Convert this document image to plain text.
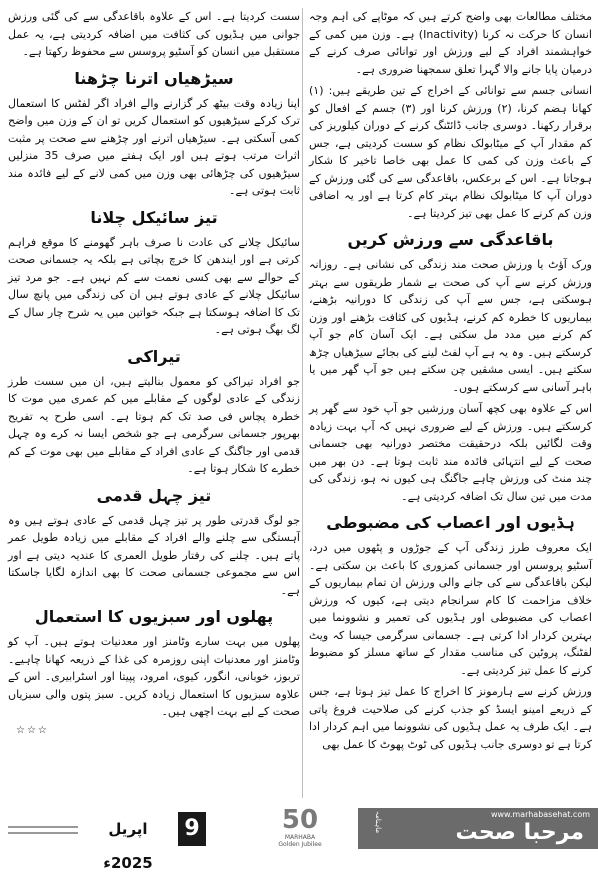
مختلف مطالعات بھی واضح کرتے ہیں کہ موٹاپے کی اہم وجہ انسان کا حرکت نہ کرنا (Inactivity) ہے۔ وزن میں کمی کے خواہشمند افراد کے لیے ورزش اور توانائی صرف کرنے کے درمیان پایا جانے والا گہرا تعلق سمجھنا ضروری ہے۔

انسانی جسم سے توانائی کے اخراج کے تین طریقے ہیں: (۱) کھانا ہضم کرنا، (۲) ورزش کرنا اور (۳) جسم کے افعال کو برقرار رکھنا۔ دوسری جانب ڈائٹنگ کرنے کے دوران کیلوریز کی کم مقدار آپ کے میٹابولک نظام کو سست کردیتی ہے، جس کے باعث وزن کی کمی کا عمل بھی خاصا تاخیر کا شکار ہوجاتا ہے۔ اس کے برعکس، باقاعدگی سے کی گئی ورزش کے دوران آپ کا میٹابولک نظام بہتر کام کرتا ہے اور یہ اضافی وزن کم کرنے کا عمل بھی تیز کردیتا ہے۔

باقاعدگی سے ورزش کریں

ورک آؤٹ یا ورزش صحت مند زندگی کی نشانی ہے۔ روزانہ ورزش کرنے سے آپ کی صحت بے شمار طریقوں سے بہتر ہوسکتی ہے، جس سے آپ کی زندگی کا دورانیہ بڑھنے، بیماریوں کا خطرہ کم کرنے، ہڈیوں کی کثافت بڑھنے اور وزن کم کرنے میں مدد مل سکتی ہے۔ ایک آسان کام جو آپ کرسکتے ہیں۔ وہ یہ ہے آپ لفٹ لینے کی بجائے سیڑھیاں چڑھ سکتے ہیں۔ ایسی مشقیں چن سکتے ہیں جو آپ گھر میں یا باہر آسانی سے کرسکتے ہوں۔

اس کے علاوہ بھی کچھ آسان ورزشیں جو آپ خود سے گھر پر کرسکتے ہیں۔ ورزش کے لیے ضروری نہیں کہ آپ بہت زیادہ وقت لگائیں بلکہ درحقیقت مختصر دورانیہ بھی جسمانی صحت کے لیے انتہائی فائدہ مند ثابت ہوتا ہے۔ دن بھر میں چند منٹ کی ورزش چاہے جاگنگ ہی کیوں نہ ہو، زندگی کی مدت میں تین سال تک اضافہ کردیتی ہے۔

ہڈیوں اور اعصاب کی مضبوطی

ایک معروف طرز زندگی آپ کے جوڑوں و پٹھوں میں درد، آسٹیو پروسس اور جسمانی کمزوری کا باعث بن سکتی ہے۔ لیکن باقاعدگی سے کی جانے والی ورزش ان تمام بیماریوں کے خلاف مزاحمت کا کام سرانجام دیتی ہے، کیوں کہ ورزش اعصاب کی مضبوطی اور ہڈیوں کی تعمیر و نشوونما میں بہترین کردار ادا کرتی ہے۔ جسمانی سرگرمی جیسا کہ ویٹ لفٹنگ، پروٹین کی مناسب مقدار کے ساتھ مسلز کو مضبوط کرنے کا عمل تیز کردیتی ہے۔

ورزش کرنے سے ہارمونز کا اخراج کا عمل تیز ہوتا ہے، جس کے ذریعے امینو ایسڈ کو جذب کرنے کی صلاحیت فروغ پاتی ہے۔ ایک طرف یہ عمل ہڈیوں کی نشوونما میں اہم کردار ادا کرتا ہے تو دوسری جانب ہڈیوں کی ٹوٹ پھوٹ کا عمل بھی

سست کردیتا ہے۔ اس کے علاوہ باقاعدگی سے کی گئی ورزش جوانی میں ہڈیوں کی کثافت میں اضافہ کردیتی ہے، یہ عمل مستقبل میں انسان کو آسٹیو پروسس سے محفوظ رکھتا ہے۔

سیڑھیاں اترنا چڑھنا

اپنا زیادہ وقت بیٹھ کر گزارنے والے افراد اگر لفٹس کا استعمال ترک کرکے سیڑھیوں کو استعمال کریں تو ان کے وزن میں واضح کمی آسکتی ہے۔ سیڑھیاں اترنے اور چڑھنے سے صحت پر مثبت اثرات مرتب ہوتے ہیں اور ایک ہفتے میں صرف 35 منزلیں سیڑھیوں کی چڑھائی بھی وزن میں کمی لانے کے لیے فائدہ مند ثابت ہوتی ہے۔

تیز سائیکل چلانا

سائیکل چلانے کی عادت نا صرف باہر گھومنے کا موقع فراہم کرتی ہے اور ایندھن کا خرچ بچاتی ہے بلکہ یہ جسمانی صحت کے حوالے سے بھی کسی نعمت سے کم نہیں ہے۔ جو مرد تیز سائیکل چلانے کے عادی ہوتے ہیں ان کی زندگی میں پانچ سال تک کا اضافہ ہوسکتا ہے جبکہ خواتین میں یہ شرح چار سال کے لگ بھگ ہوتی ہے۔

تیراکی

جو افراد تیراکی کو معمول بنالیتے ہیں، ان میں سست طرز زندگی کے عادی لوگوں کے مقابلے میں کم عمری میں موت کا خطرہ پچاس فی صد تک کم ہوتا ہے۔ اسی طرح یہ تفریح بھرپور جسمانی سرگرمی ہے جو شخص ایسا نہ کرے وہ چہل قدمی اور جاگنگ کے عادی افراد کے مقابلے میں بھی موت کے کم خطرے کا شکار ہوتا ہے۔

تیز چہل قدمی

جو لوگ قدرتی طور پر تیز چہل قدمی کے عادی ہوتے ہیں وہ آہستگی سے چلنے والے افراد کے مقابلے میں زیادہ طویل عمر پاتے ہیں۔ چلنے کی رفتار طویل العمری کا عندیہ دیتی ہے اور اس سے مجموعی جسمانی صحت کا بھی اندازہ لگایا جاسکتا ہے۔

پھلوں اور سبزیوں کا استعمال

پھلوں میں بہت سارے وٹامنز اور معدنیات ہوتے ہیں۔ آپ کو وٹامنز اور معدنیات اپنی روزمرہ کی غذا کے ذریعہ کھانا چاہیے۔ تربوز، خوبانی، انگور، کیوی، امرود، پپیتا اور اسٹرابیری۔ اس کے علاوہ سبزیوں کا استعمال زیادہ کریں۔ سبز پتوں والی سبزیاں صحت کے لیے بہت اچھی ہیں۔

☆☆☆
اپریل 2025ء
9	50
MARHABA
Golden Jubilee
ماہنامہ	www.marhabasehat.com
مرحبا صحت
